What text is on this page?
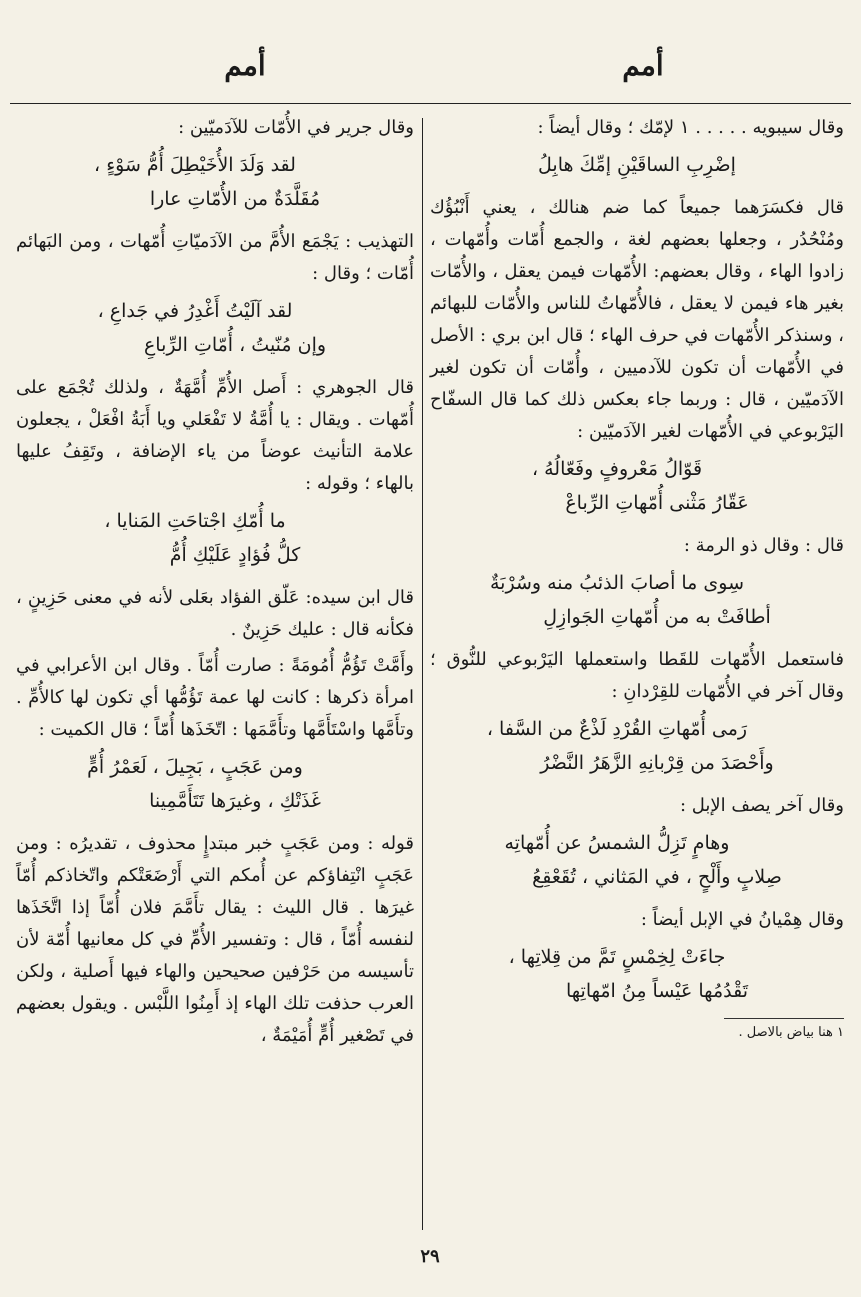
أمم
أمم

وقال سيبويه . . . . . ١ لإمّك ؛ وقال أيضاً :

إضْرِبِ الساقَيْنِ إمِّكَ هابِلُ

قال فكسَرَهما جميعاً كما ضم هنالك ، يعني أَنْبُؤُك ومُنْحُدُر ، وجعلها بعضهم لغة ، والجمع أُمّات وأُمّهات ، زادوا الهاء ، وقال بعضهم: الأُمّهات فيمن يعقل ، والأُمّات بغير هاء فيمن لا يعقل ، فالأُمّهاتُ للناس والأُمّات للبهائم ، وسنذكر الأُمّهات في حرف الهاء ؛ قال ابن بري : الأصل في الأُمّهات أن تكون للآدميين ، وأُمّات أن تكون لغير الآدَميّين ، قال : وربما جاء بعكس ذلك كما قال السفّاح اليَرْبوعي في الأُمّهات لغير الآدَميّين :

قَوّالُ مَعْروفٍ وفَعّالُهُ ،
عَقّارُ مَثْنى أُمّهاتِ الرِّباعْ

قال : وقال ذو الرمة :

سِوى ما أصابَ الذئبُ منه وسُرْبَةٌ
أطافَتْ به من أُمّهاتِ الجَوازِلِ

فاستعمل الأُمّهات للقَطا واستعملها اليَرْبوعي للنُّوق ؛ وقال آخر في الأُمّهات للقِرْدانِ :

رَمى أُمّهاتِ القُرْدِ لَذْعٌ من السَّفا ،
وأَحْصَدَ من قِرْبانِهِ الزَّهَرُ النَّضْرُ

وقال آخر يصف الإبل :

وهامٍ تَزِلُّ الشمسُ عن أُمّهاتِه
صِلابٍ وأَلْحٍ ، في المَثاني ، تُقَعْقِعُ

وقال هِمْيانُ في الإبل أيضاً :

جاءَتْ لِخِمْسٍ تَمَّ من قِلاتِها ،
تَقْدُمُها عَيْساً مِنُ امّهاتِها

١ هنا بياض بالاصل .

وقال جرير في الأُمّات للآدَميّين :

لقد وَلَدَ الأُخَيْطِلَ أُمُّ سَوْءٍ ،
مُقَلَّدَةٌ من الأُمّاتِ عارا

التهذيب : يَجْمَع الأُمَّ من الآدَميّاتِ أُمّهات ، ومن البَهائم أُمّات ؛ وقال :

لقد آلَيْتُ أَغْدِرُ في جَداعِ ،
وإن مُنّيتُ ، أُمّاتِ الرِّباعِ

قال الجوهري : أَصل الأُمِّ أُمَّهَةٌ ، ولذلك تُجْمَع على أُمّهات . ويقال : يا أُمَّةُ لا تَفْعَلي ويا أَبَةُ افْعَلْ ، يجعلون علامة التأنيث عوضاً من ياء الإضافة ، وتَقِفُ عليها بالهاء ؛ وقوله :

ما أُمّكِ اجْتاحَتِ المَنايا ،
كلُّ فُؤادٍ عَلَيْكِ أُمُّ

قال ابن سيده: عَلّق الفؤاد بعَلى لأنه في معنى حَزِينٍ ، فكأنه قال : عليك حَزِينٌ .

وأَمَّتْ تَؤُمُّ أُمُومَةً : صارت أُمّاً . وقال ابن الأعرابي في امرأة ذكرها : كانت لها عمة تَؤُمُّها أي تكون لها كالأُمِّ . وتأَمَّها واسْتَأَمَّها وتأَمَّمَها : اتّخَذَها أُمّاً ؛ قال الكميت :

ومن عَجَبٍ ، بَجِيلَ ، لَعَمْرُ أُمٍّ
غَذَتْكِ ، وغيرَها تَتَأَمَّمِينا

قوله : ومن عَجَبٍ خبر مبتدإٍ محذوف ، تقديرُه : ومن عَجَبٍ انْتِفاؤكم عن أُمكم التي أَرْضَعَتْكم واتّخاذكم أُمّاً غيرَها . قال الليث : يقال تأَمَّمَ فلان أُمّاً إذا اتَّخَذَها لنفسه أُمّاً ، قال : وتفسير الأُمِّ في كل معانيها أُمّة لأن تأسيسه من حَرْفين صحيحين والهاء فيها أَصلية ، ولكن العرب حذفت تلك الهاء إذ أَمِنُوا اللَّبْس . ويقول بعضهم في تَصْغير أُمٍّ أُمَيْمَةٌ ،

٢٩
